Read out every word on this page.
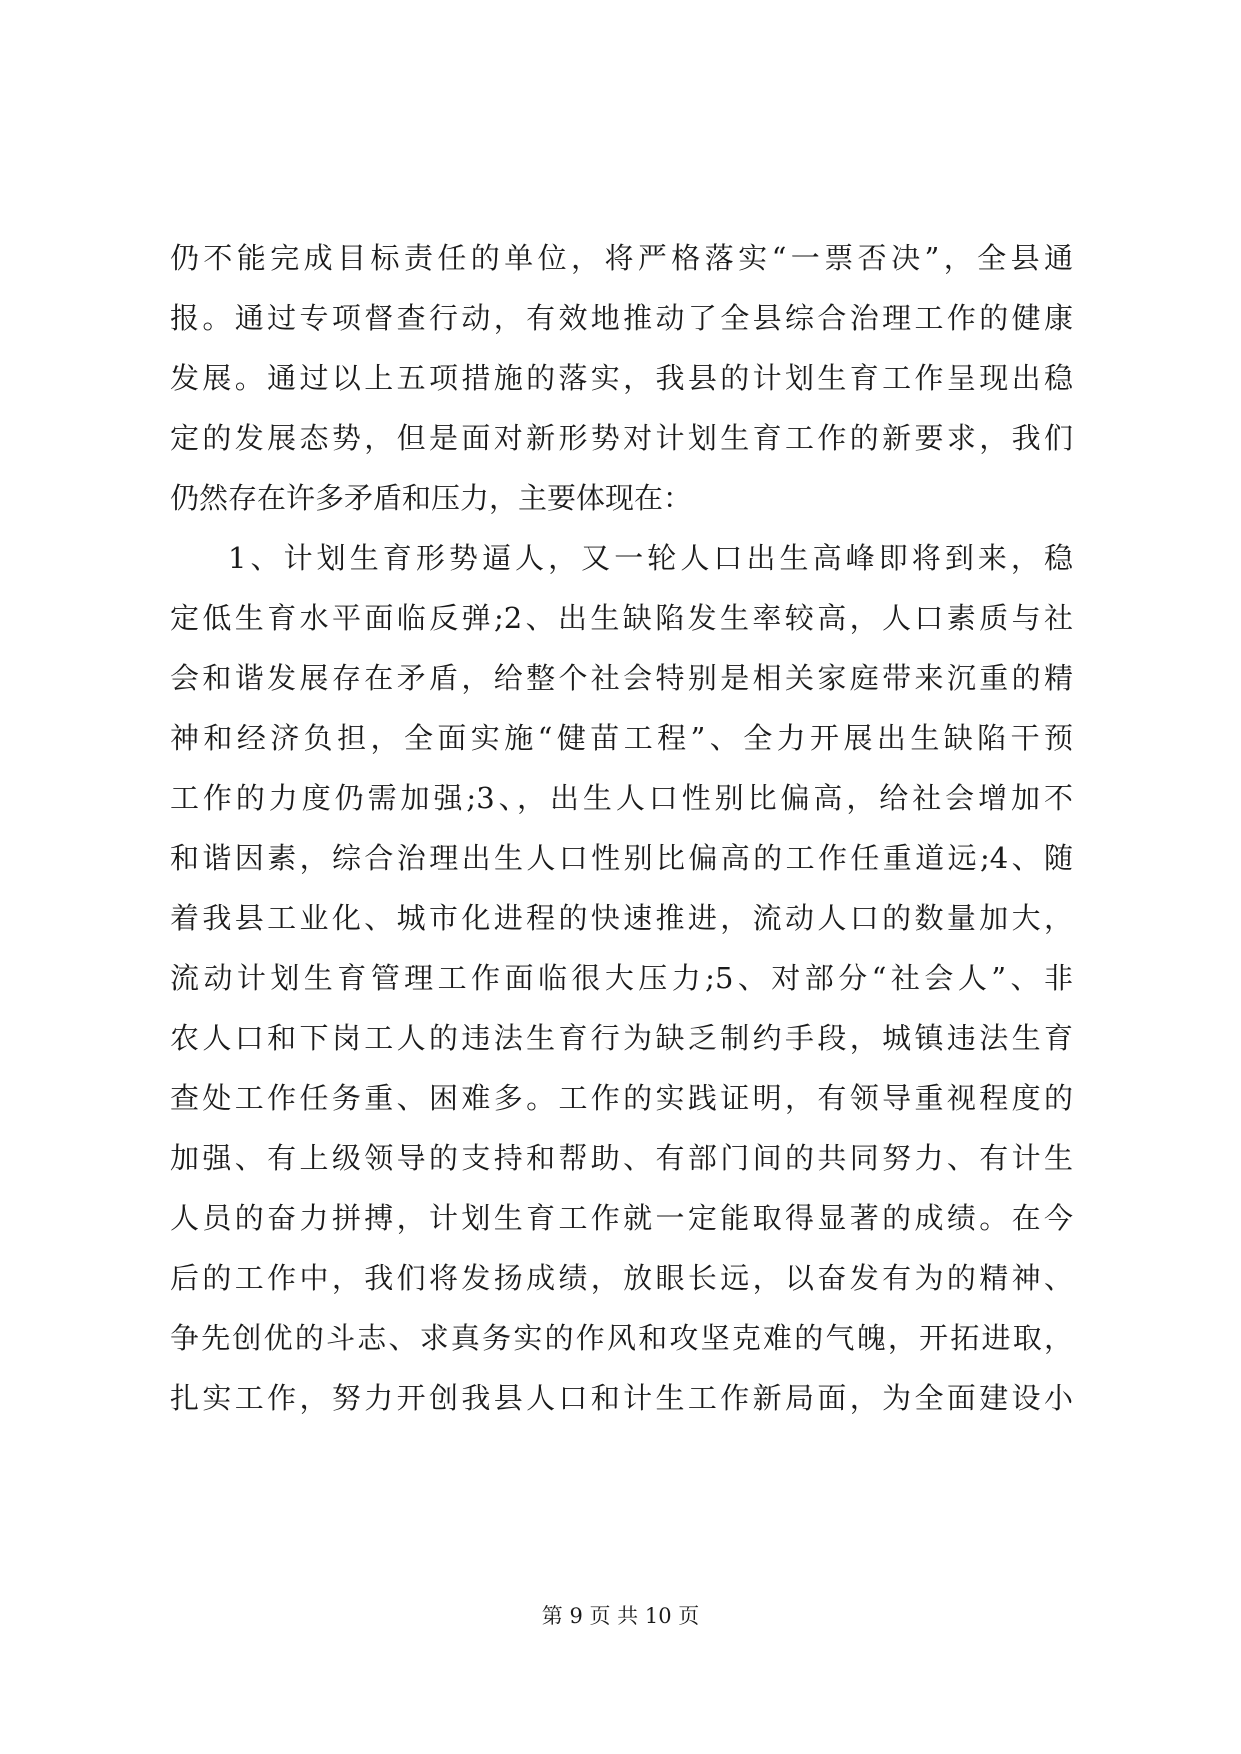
仍不能完成目标责任的单位，将严格落实“一票否决”，全县通
报。通过专项督查行动，有效地推动了全县综合治理工作的健康
发展。通过以上五项措施的落实，我县的计划生育工作呈现出稳
定的发展态势，但是面对新形势对计划生育工作的新要求，我们
仍然存在许多矛盾和压力，主要体现在：
1、计划生育形势逼人，又一轮人口出生高峰即将到来，稳
定低生育水平面临反弹;2、出生缺陷发生率较高，人口素质与社
会和谐发展存在矛盾，给整个社会特别是相关家庭带来沉重的精
神和经济负担，全面实施“健苗工程”、全力开展出生缺陷干预
工作的力度仍需加强;3、，出生人口性别比偏高，给社会增加不
和谐因素，综合治理出生人口性别比偏高的工作任重道远;4、随
着我县工业化、城市化进程的快速推进，流动人口的数量加大，
流动计划生育管理工作面临很大压力;5、对部分“社会人”、非
农人口和下岗工人的违法生育行为缺乏制约手段，城镇违法生育
查处工作任务重、困难多。工作的实践证明，有领导重视程度的
加强、有上级领导的支持和帮助、有部门间的共同努力、有计生
人员的奋力拼搏，计划生育工作就一定能取得显著的成绩。在今
后的工作中，我们将发扬成绩，放眼长远，以奋发有为的精神、
争先创优的斗志、求真务实的作风和攻坚克难的气魄，开拓进取，
扎实工作，努力开创我县人口和计生工作新局面，为全面建设小
第 9 页 共 10 页
